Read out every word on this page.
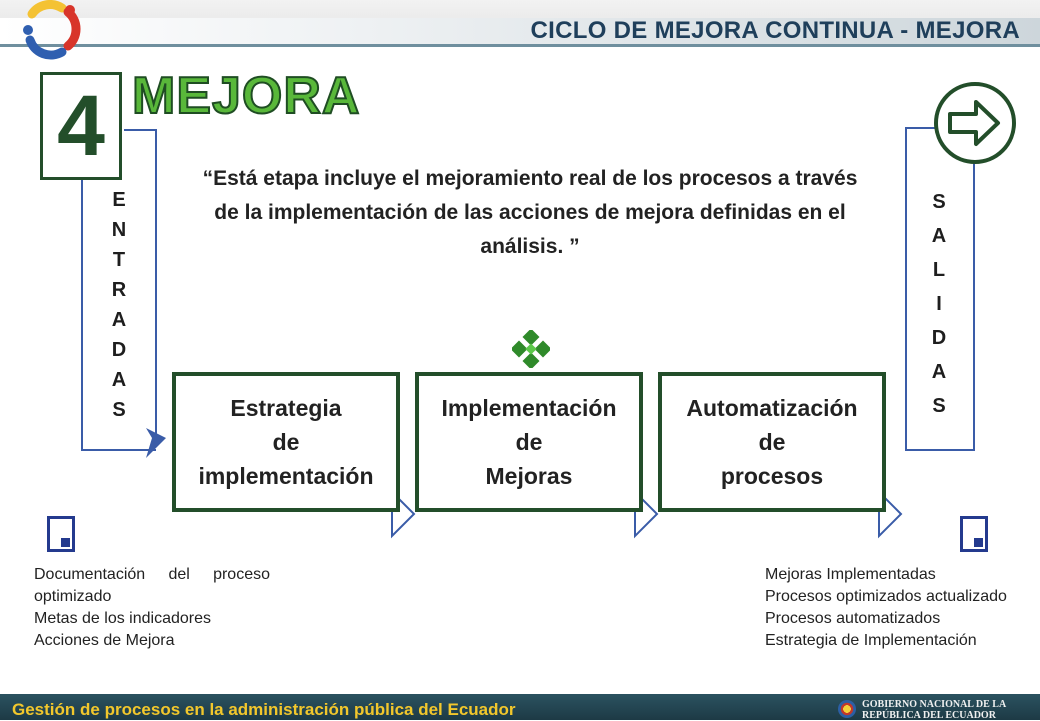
CICLO DE MEJORA CONTINUA - MEJORA
4 MEJORA
“Está etapa incluye el mejoramiento real de los procesos a través de la implementación de las acciones de mejora definidas en el análisis. ”
E
N
T
R
A
D
A
S
S
A
L
I
D
A
S
Estrategia
de
implementación
Implementación
de
Mejoras
Automatización
de
procesos
Documentación del proceso
optimizado
Metas de los indicadores
Acciones de Mejora
Mejoras Implementadas
Procesos optimizados actualizado
Procesos automatizados
Estrategia de Implementación
Gestión de procesos en la administración pública del Ecuador	GOBIERNO NACIONAL DE LA
REPÚBLICA DEL ECUADOR
